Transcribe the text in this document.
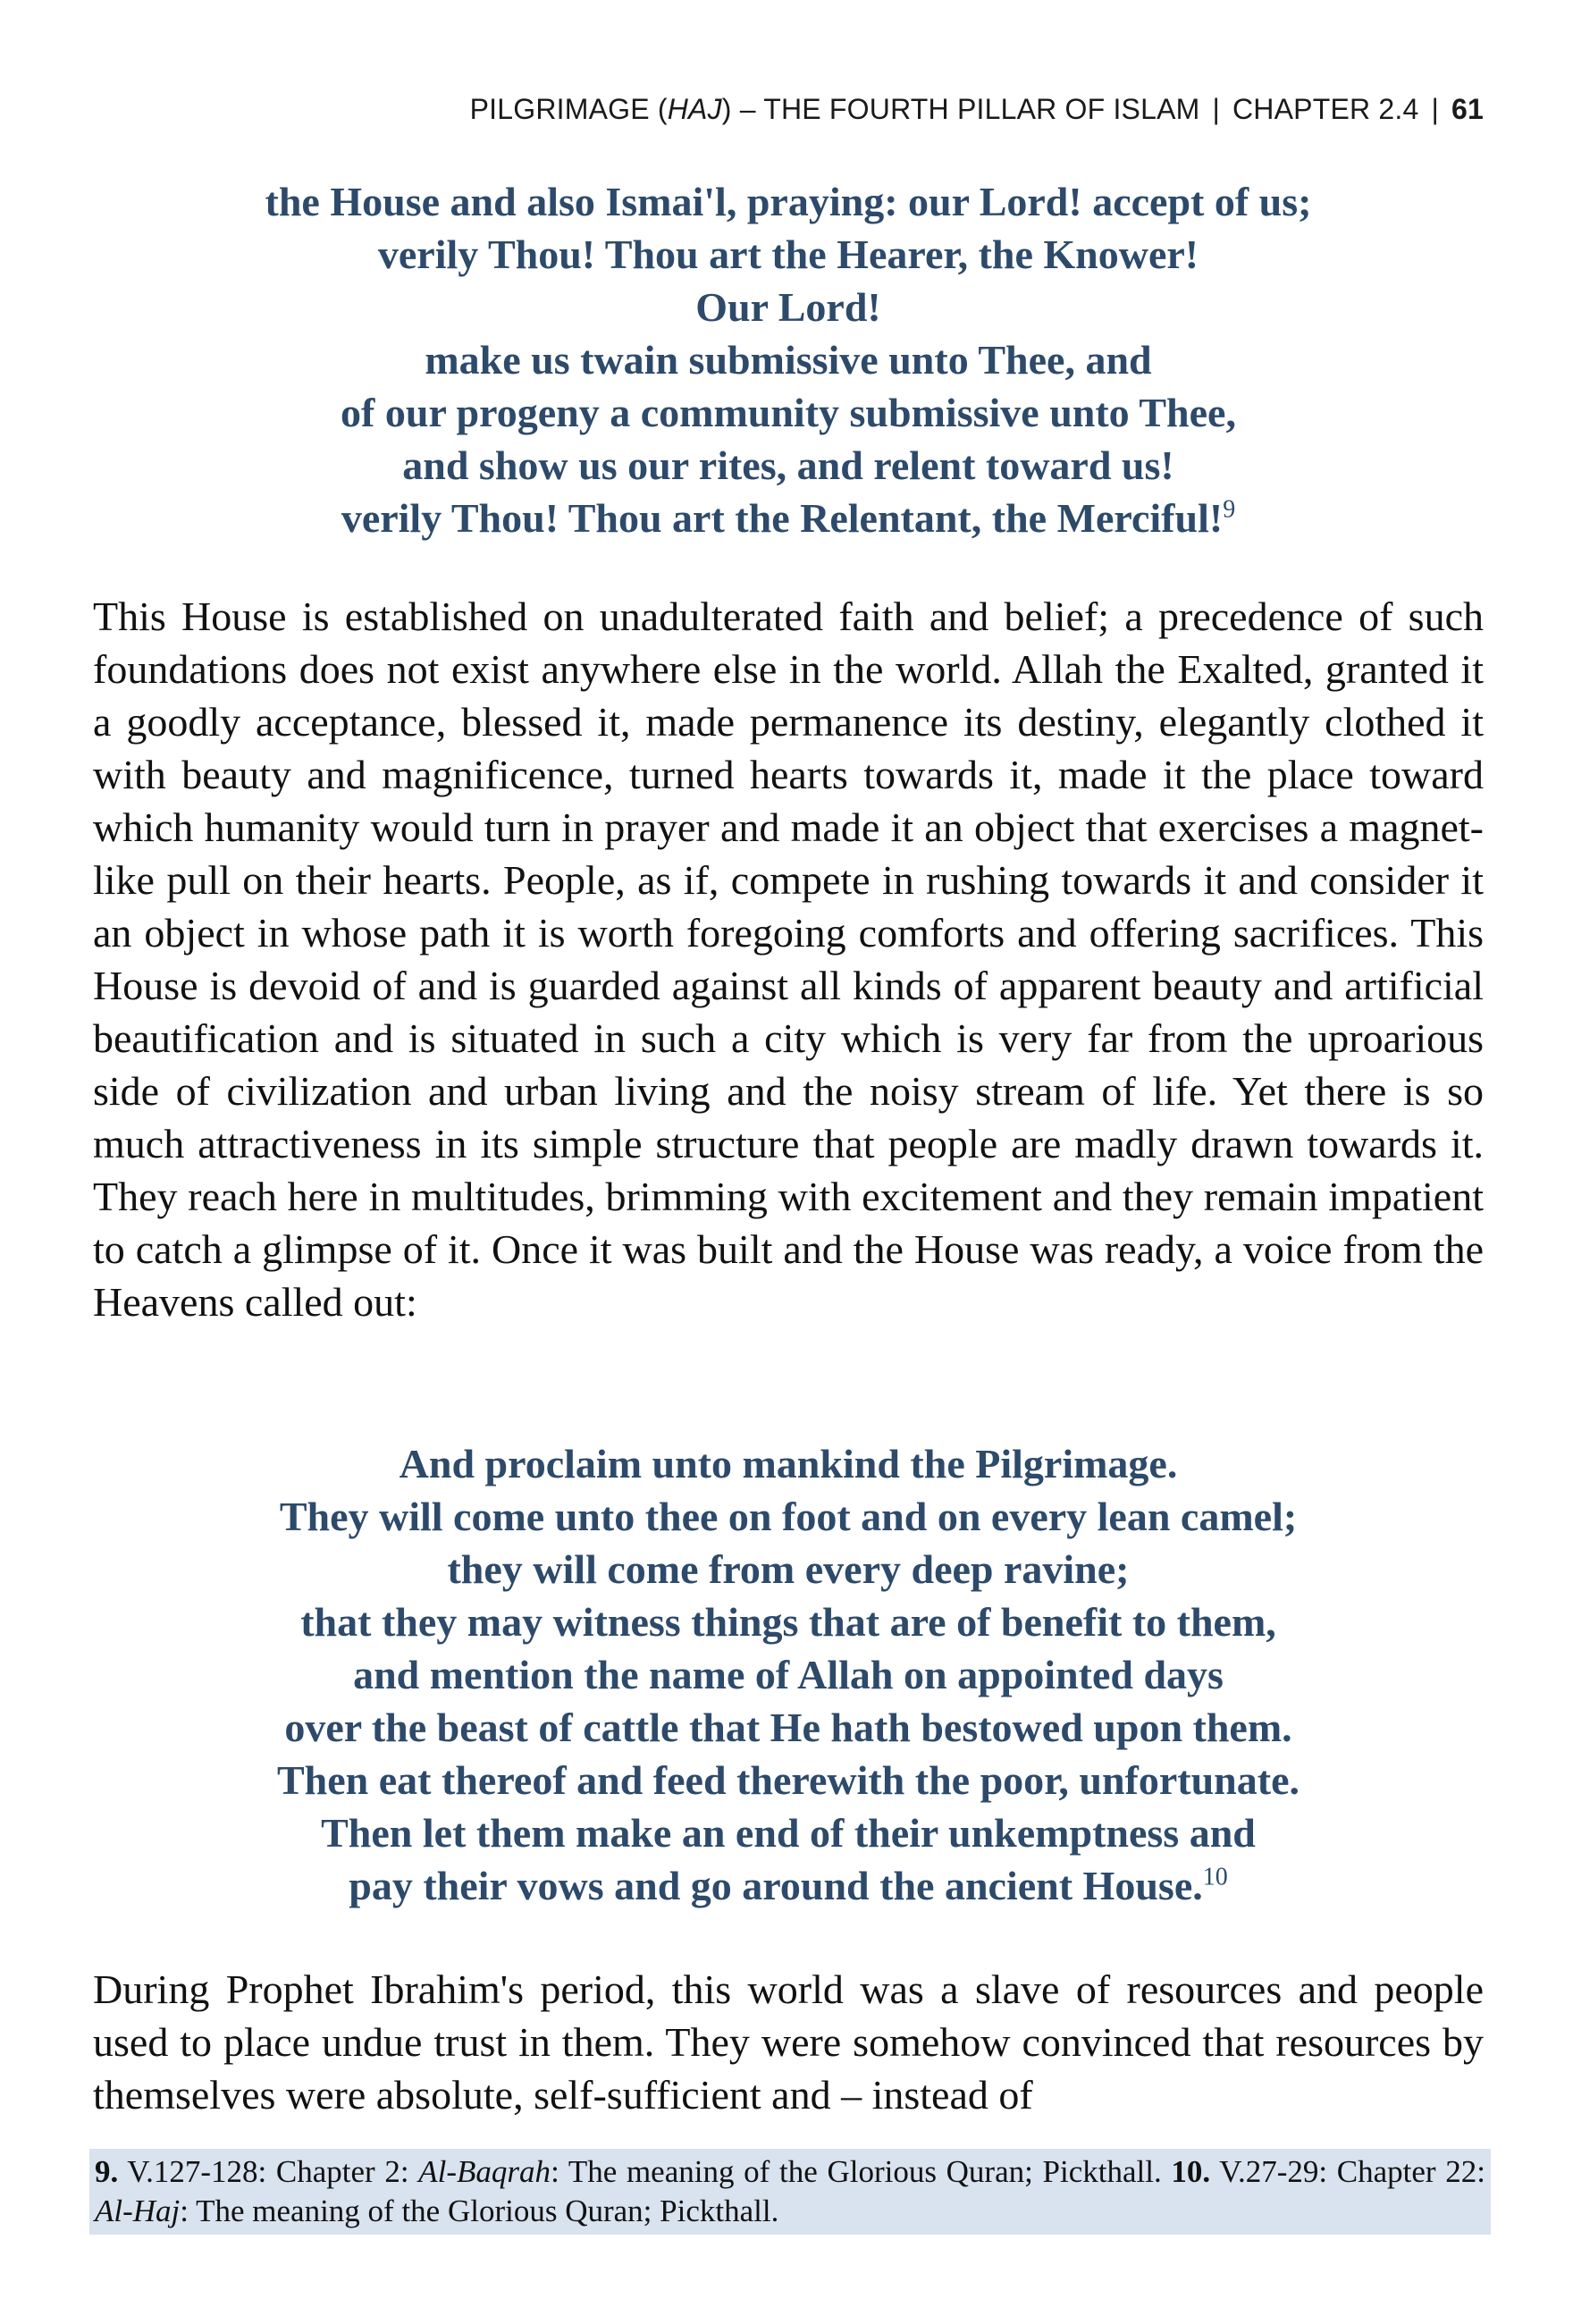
PILGRIMAGE (HAJ) – THE FOURTH PILLAR OF ISLAM | CHAPTER 2.4 | 61
the House and also Ismai'l, praying: our Lord! accept of us;
verily Thou! Thou art the Hearer, the Knower!
Our Lord!
make us twain submissive unto Thee, and
of our progeny a community submissive unto Thee,
and show us our rites, and relent toward us!
verily Thou! Thou art the Relentant, the Merciful!$^9$
This House is established on unadulterated faith and belief; a precedence of such foundations does not exist anywhere else in the world. Allah the Exalted, granted it a goodly acceptance, blessed it, made permanence its destiny, elegantly clothed it with beauty and magnificence, turned hearts towards it, made it the place toward which humanity would turn in prayer and made it an object that exercises a magnet-like pull on their hearts. People, as if, compete in rushing towards it and consider it an object in whose path it is worth foregoing comforts and offering sacrifices. This House is devoid of and is guarded against all kinds of apparent beauty and artificial beautification and is situated in such a city which is very far from the uproarious side of civilization and urban living and the noisy stream of life. Yet there is so much attractiveness in its simple structure that people are madly drawn towards it. They reach here in multitudes, brimming with excitement and they remain impatient to catch a glimpse of it. Once it was built and the House was ready, a voice from the Heavens called out:
And proclaim unto mankind the Pilgrimage.
They will come unto thee on foot and on every lean camel;
they will come from every deep ravine;
that they may witness things that are of benefit to them,
and mention the name of Allah on appointed days
over the beast of cattle that He hath bestowed upon them.
Then eat thereof and feed therewith the poor, unfortunate.
Then let them make an end of their unkemptness and
pay their vows and go around the ancient House.$^{10}$
During Prophet Ibrahim's period, this world was a slave of resources and people used to place undue trust in them. They were somehow convinced that resources by themselves were absolute, self-sufficient and – instead of
9. V.127-128: Chapter 2: Al-Baqrah: The meaning of the Glorious Quran; Pickthall. 10. V.27-29: Chapter 22: Al-Haj: The meaning of the Glorious Quran; Pickthall.
